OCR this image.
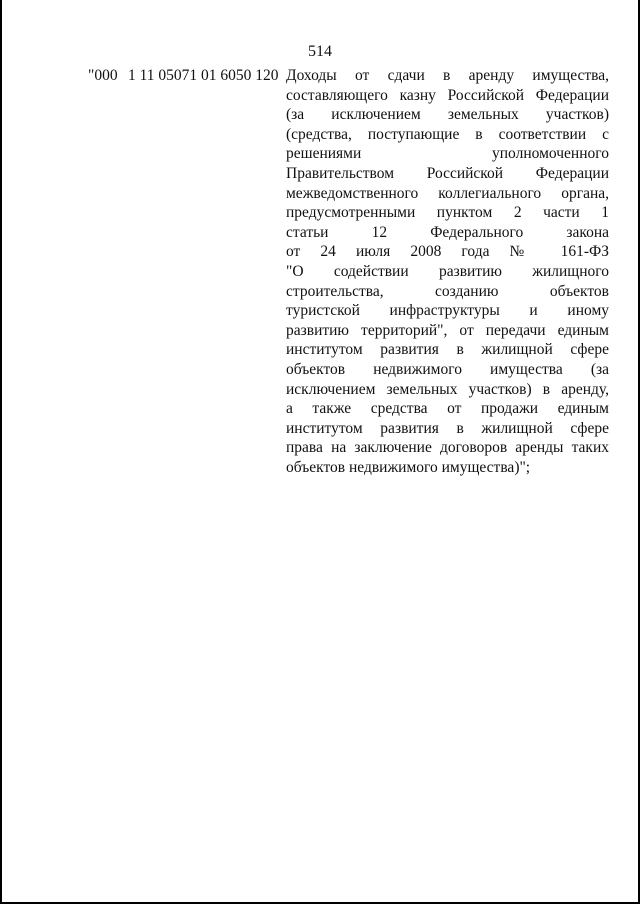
514
"000 1 11 05071 01 6050 120 Доходы от сдачи в аренду имущества,
составляющего казну Российской Федерации
(за исключением земельных участков)
(средства, поступающие в соответствии с
решениями уполномоченного
Правительством Российской Федерации
межведомственного коллегиального органа,
предусмотренными пунктом 2 части 1
статьи 12 Федерального закона
от 24 июля 2008 года № 161-ФЗ
"О содействии развитию жилищного
строительства, созданию объектов
туристской инфраструктуры и иному
развитию территорий", от передачи единым
институтом развития в жилищной сфере
объектов недвижимого имущества (за
исключением земельных участков) в аренду,
а также средства от продажи единым
институтом развития в жилищной сфере
права на заключение договоров аренды таких
объектов недвижимого имущества)";
